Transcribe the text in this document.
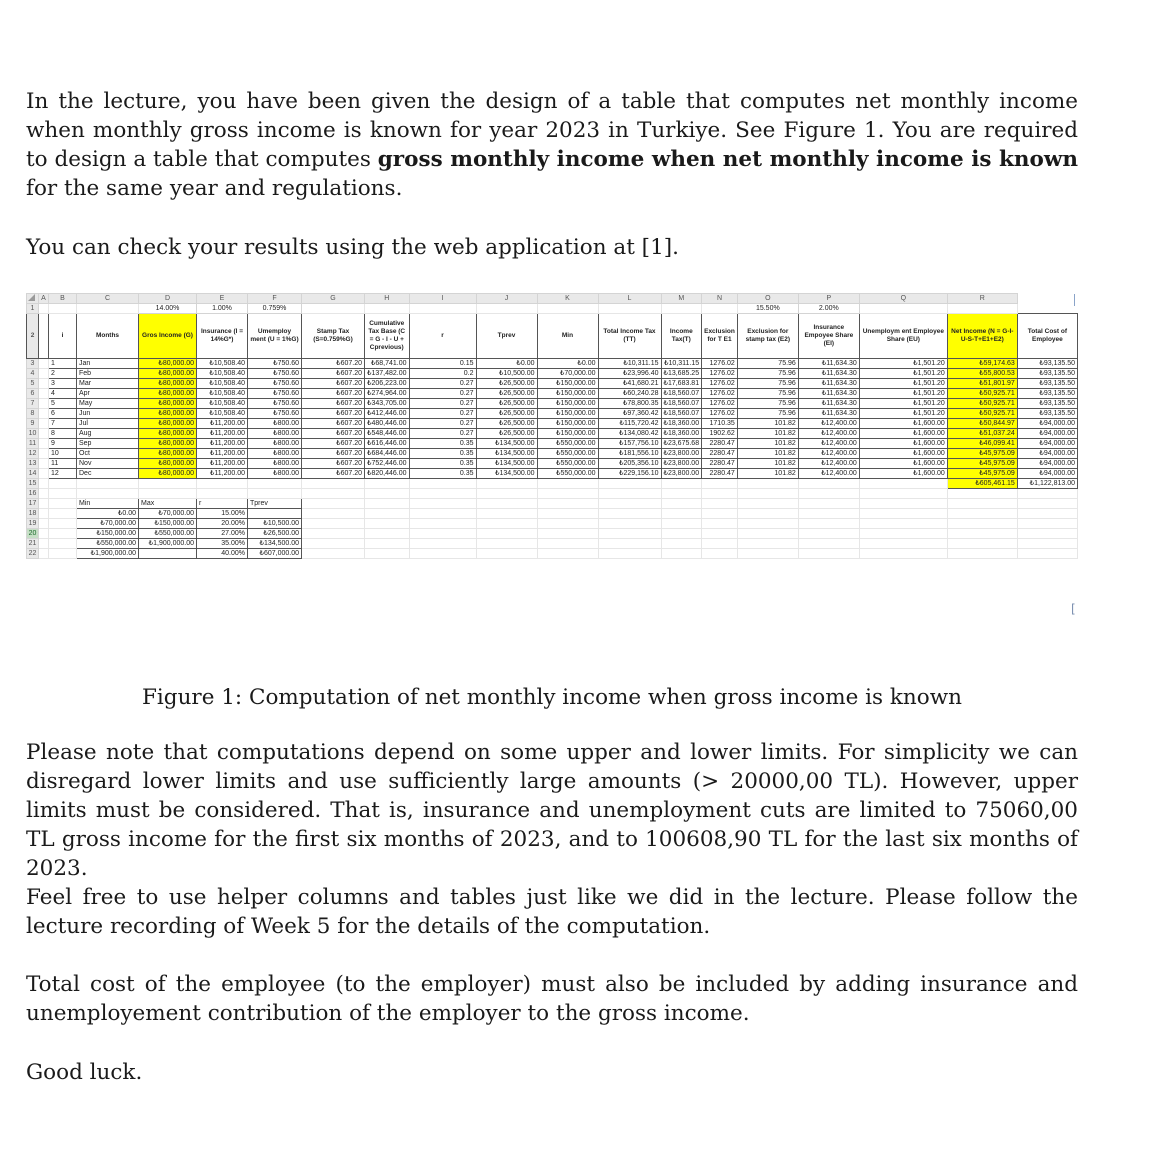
In the lecture, you have been given the design of a table that computes net monthly income when monthly gross income is known for year 2023 in Turkiye. See Figure 1. You are required to design a table that computes gross monthly income when net monthly income is known for the same year and regulations.

You can check your results using the web application at [1].

	A	B	C	D	E	F	G	H	I	J	K	L	M	N	O	P	Q	R	
1				14.00%	1.00%	0.759%									15.50%	2.00%			
2		i	Months	Gros Income (G)	Insurance (I = 14%G*)	Umemploy ment (U = 1%G)	Stamp Tax (S=0.759%G)	Cumulative Tax Base (C = G - I - U + Cprevious)	r	Tprev	Min	Total Income Tax (TT)	Income Tax(T)	Exclusion for T E1	Exclusion for stamp tax (E2)	Insurance Empoyee Share (EI)	Unemploym ent Employee Share (EU)	Net Income (N = G-I-U-S-T+E1+E2)	Total Cost of Employee
3		1	Jan	₺80,000.00	₺10,508.40	₺750.60	₺607.20	₺68,741.00	0.15	₺0.00	₺0.00	₺10,311.15	₺10,311.15	1276.02	75.96	₺11,634.30	₺1,501.20	₺59,174.63	₺93,135.50
4		2	Feb	₺80,000.00	₺10,508.40	₺750.60	₺607.20	₺137,482.00	0.2	₺10,500.00	₺70,000.00	₺23,996.40	₺13,685.25	1276.02	75.96	₺11,634.30	₺1,501.20	₺55,800.53	₺93,135.50
5		3	Mar	₺80,000.00	₺10,508.40	₺750.60	₺607.20	₺206,223.00	0.27	₺26,500.00	₺150,000.00	₺41,680.21	₺17,683.81	1276.02	75.96	₺11,634.30	₺1,501.20	₺51,801.97	₺93,135.50
6		4	Apr	₺80,000.00	₺10,508.40	₺750.60	₺607.20	₺274,964.00	0.27	₺26,500.00	₺150,000.00	₺60,240.28	₺18,560.07	1276.02	75.96	₺11,634.30	₺1,501.20	₺50,925.71	₺93,135.50
7		5	May	₺80,000.00	₺10,508.40	₺750.60	₺607.20	₺343,705.00	0.27	₺26,500.00	₺150,000.00	₺78,800.35	₺18,560.07	1276.02	75.96	₺11,634.30	₺1,501.20	₺50,925.71	₺93,135.50
8		6	Jun	₺80,000.00	₺10,508.40	₺750.60	₺607.20	₺412,446.00	0.27	₺26,500.00	₺150,000.00	₺97,360.42	₺18,560.07	1276.02	75.96	₺11,634.30	₺1,501.20	₺50,925.71	₺93,135.50
9		7	Jul	₺80,000.00	₺11,200.00	₺800.00	₺607.20	₺480,446.00	0.27	₺26,500.00	₺150,000.00	₺115,720.42	₺18,360.00	1710.35	101.82	₺12,400.00	₺1,600.00	₺50,844.97	₺94,000.00
10		8	Aug	₺80,000.00	₺11,200.00	₺800.00	₺607.20	₺548,446.00	0.27	₺26,500.00	₺150,000.00	₺134,080.42	₺18,360.00	1902.62	101.82	₺12,400.00	₺1,600.00	₺51,037.24	₺94,000.00
11		9	Sep	₺80,000.00	₺11,200.00	₺800.00	₺607.20	₺616,446.00	0.35	₺134,500.00	₺550,000.00	₺157,756.10	₺23,675.68	2280.47	101.82	₺12,400.00	₺1,600.00	₺46,099.41	₺94,000.00
12		10	Oct	₺80,000.00	₺11,200.00	₺800.00	₺607.20	₺684,446.00	0.35	₺134,500.00	₺550,000.00	₺181,556.10	₺23,800.00	2280.47	101.82	₺12,400.00	₺1,600.00	₺45,975.09	₺94,000.00
13		11	Nov	₺80,000.00	₺11,200.00	₺800.00	₺607.20	₺752,446.00	0.35	₺134,500.00	₺550,000.00	₺205,356.10	₺23,800.00	2280.47	101.82	₺12,400.00	₺1,600.00	₺45,975.09	₺94,000.00
14		12	Dec	₺80,000.00	₺11,200.00	₺800.00	₺607.20	₺820,446.00	0.35	₺134,500.00	₺550,000.00	₺229,156.10	₺23,800.00	2280.47	101.82	₺12,400.00	₺1,600.00	₺45,975.09	₺94,000.00
15																		₺605,461.15	₺1,122,813.00
16																			
17			Min	Max	r	Tprev													
18			₺0.00	₺70,000.00	15.00%														
19			₺70,000.00	₺150,000.00	20.00%	₺10,500.00													
20			₺150,000.00	₺550,000.00	27.00%	₺26,500.00													
21			₺550,000.00	₺1,900,000.00	35.00%	₺134,500.00													
22			₺1,900,000.00		40.00%	₺607,000.00													
[
Figure 1: Computation of net monthly income when gross income is known

Please note that computations depend on some upper and lower limits. For simplicity we can disregard lower limits and use sufficiently large amounts (> 20000,00 TL). However, upper limits must be considered. That is, insurance and unemployment cuts are limited to 75060,00 TL gross income for the first six months of 2023, and to 100608,90 TL for the last six months of 2023.

Feel free to use helper columns and tables just like we did in the lecture. Please follow the lecture recording of Week 5 for the details of the computation.

Total cost of the employee (to the employer) must also be included by adding insurance and unemployement contribution of the employer to the gross income.

Good luck.
